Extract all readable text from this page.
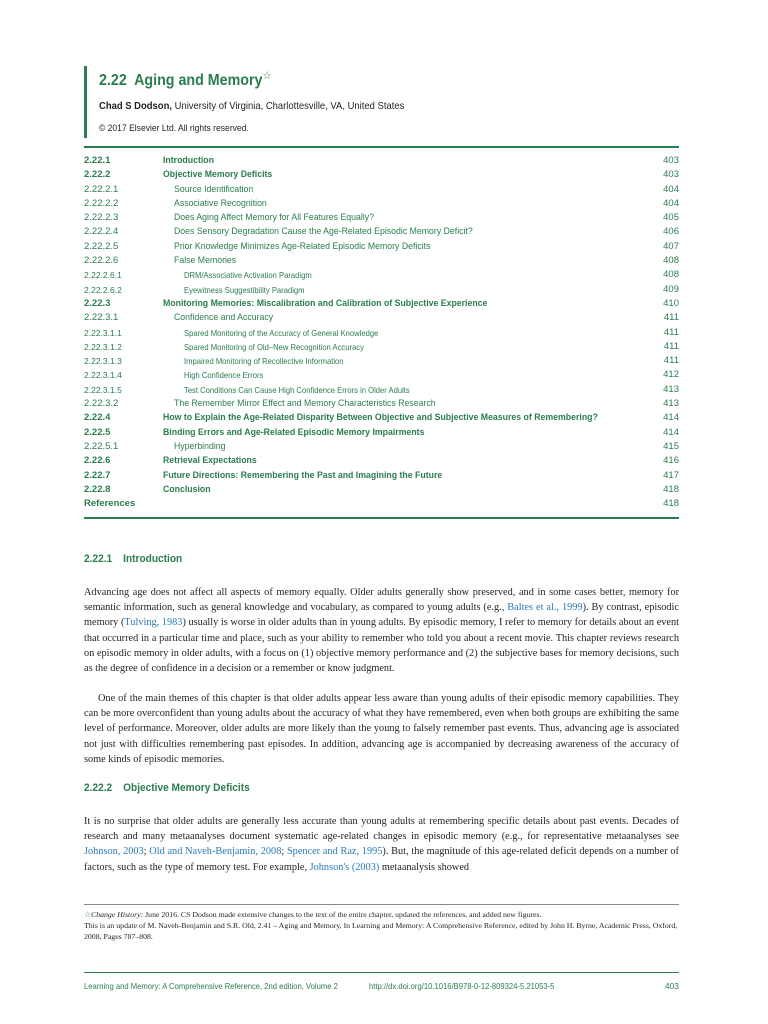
2.22 Aging and Memory☆
Chad S Dodson, University of Virginia, Charlottesville, VA, United States
© 2017 Elsevier Ltd. All rights reserved.
2.22.1	Introduction	403
2.22.2	Objective Memory Deficits	403
2.22.2.1	Source Identification	404
2.22.2.2	Associative Recognition	404
2.22.2.3	Does Aging Affect Memory for All Features Equally?	405
2.22.2.4	Does Sensory Degradation Cause the Age-Related Episodic Memory Deficit?	406
2.22.2.5	Prior Knowledge Minimizes Age-Related Episodic Memory Deficits	407
2.22.2.6	False Memories	408
2.22.2.6.1	DRM/Associative Activation Paradigm	408
2.22.2.6.2	Eyewitness Suggestibility Paradigm	409
2.22.3	Monitoring Memories: Miscalibration and Calibration of Subjective Experience	410
2.22.3.1	Confidence and Accuracy	411
2.22.3.1.1	Spared Monitoring of the Accuracy of General Knowledge	411
2.22.3.1.2	Spared Monitoring of Old–New Recognition Accuracy	411
2.22.3.1.3	Impaired Monitoring of Recollective Information	411
2.22.3.1.4	High Confidence Errors	412
2.22.3.1.5	Test Conditions Can Cause High Confidence Errors in Older Adults	413
2.22.3.2	The Remember Mirror Effect and Memory Characteristics Research	413
2.22.4	How to Explain the Age-Related Disparity Between Objective and Subjective Measures of Remembering?	414
2.22.5	Binding Errors and Age-Related Episodic Memory Impairments	414
2.22.5.1	Hyperbinding	415
2.22.6	Retrieval Expectations	416
2.22.7	Future Directions: Remembering the Past and Imagining the Future	417
2.22.8	Conclusion	418
References	418
2.22.1 Introduction
Advancing age does not affect all aspects of memory equally. Older adults generally show preserved, and in some cases better, memory for semantic information, such as general knowledge and vocabulary, as compared to young adults (e.g., Baltes et al., 1999). By contrast, episodic memory (Tulving, 1983) usually is worse in older adults than in young adults. By episodic memory, I refer to memory for details about an event that occurred in a particular time and place, such as your ability to remember who told you about a recent movie. This chapter reviews research on episodic memory in older adults, with a focus on (1) objective memory performance and (2) the subjective bases for memory decisions, such as the degree of confidence in a decision or a remember or know judgment.
One of the main themes of this chapter is that older adults appear less aware than young adults of their episodic memory capabilities. They can be more overconfident than young adults about the accuracy of what they have remembered, even when both groups are exhibiting the same level of performance. Moreover, older adults are more likely than the young to falsely remember past events. Thus, advancing age is associated not just with difficulties remembering past episodes. In addition, advancing age is accompanied by decreasing awareness of the accuracy of some kinds of episodic memories.
2.22.2 Objective Memory Deficits
It is no surprise that older adults are generally less accurate than young adults at remembering specific details about past events. Decades of research and many metaanalyses document systematic age-related changes in episodic memory (e.g., for representative metaanalyses see Johnson, 2003; Old and Naveh-Benjamin, 2008; Spencer and Raz, 1995). But, the magnitude of this age-related deficit depends on a number of factors, such as the type of memory test. For example, Johnson's (2003) metaanalysis showed
☆Change History: June 2016. CS Dodson made extensive changes to the text of the entire chapter, updated the references, and added new figures.
This is an update of M. Naveh-Benjamin and S.R. Old, 2.41 – Aging and Memory, In Learning and Memory: A Comprehensive Reference, edited by John H. Byrne, Academic Press, Oxford, 2008, Pages 787–808.
Learning and Memory: A Comprehensive Reference, 2nd edition, Volume 2	http://dx.doi.org/10.1016/B978-0-12-809324-5.21053-5	403
